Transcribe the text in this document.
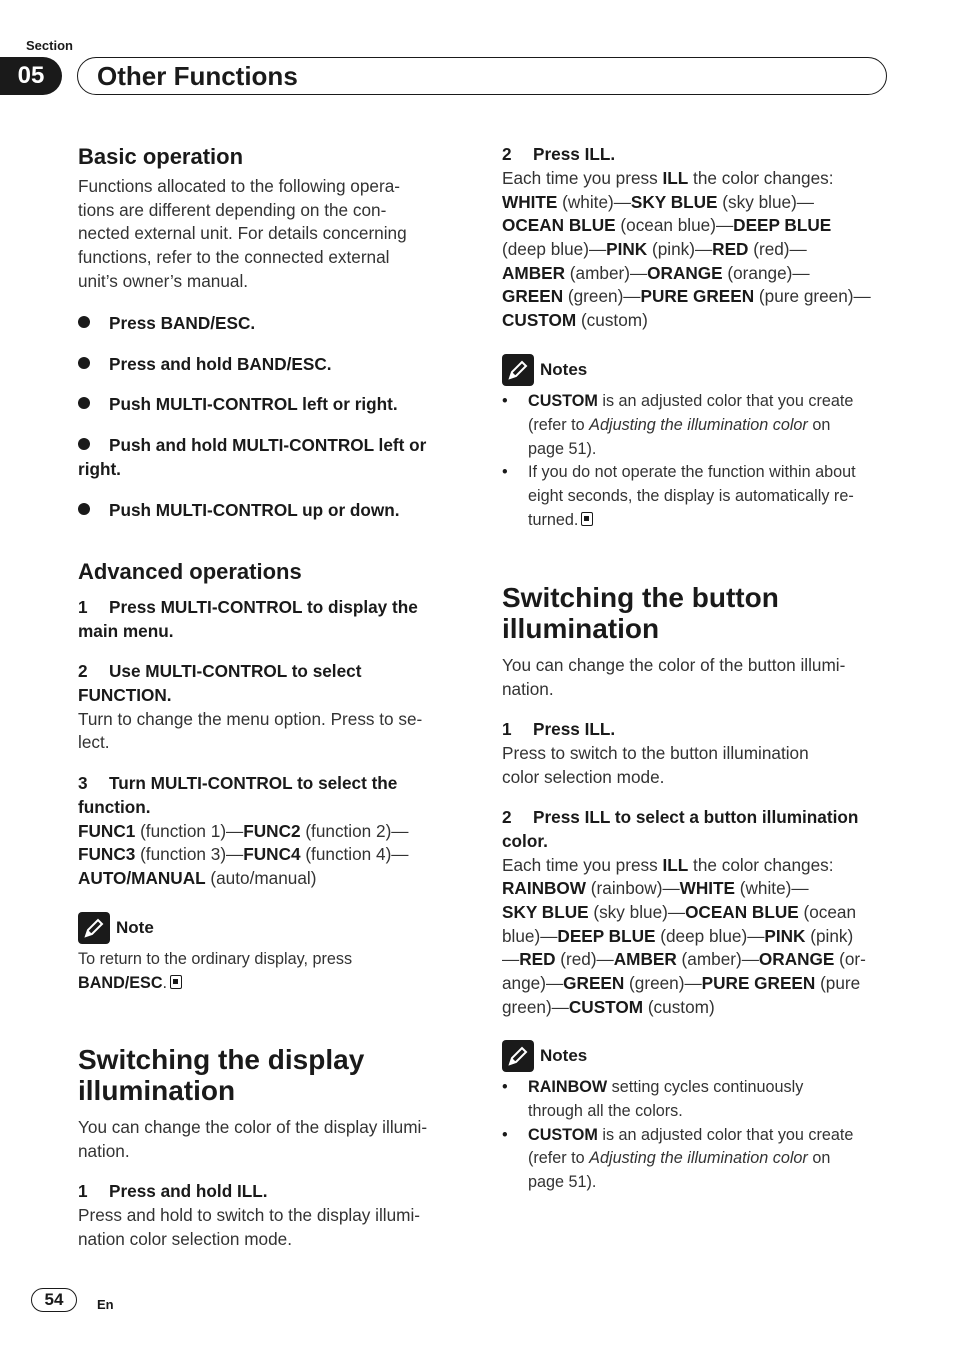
Section
05	Other Functions
Basic operation

Functions allocated to the following opera-

tions are different depending on the con-

nected external unit. For details concerning

functions, refer to the connected external

unit’s owner’s manual.

Press BAND/ESC.
Press and hold BAND/ESC.
Push MULTI-CONTROL left or right.
Push and hold MULTI-CONTROL left or
right.
Push MULTI-CONTROL up or down.
Advanced operations

1 Press MULTI-CONTROL to display the

main menu.

2 Use MULTI-CONTROL to select

FUNCTION.

Turn to change the menu option. Press to se-

lect.

3 Turn MULTI-CONTROL to select the

function.

FUNC1 (function 1)—FUNC2 (function 2)—

FUNC3 (function 3)—FUNC4 (function 4)—

AUTO/MANUAL (auto/manual)

Note

To return to the ordinary display, press

BAND/ESC.

Switching the display
illumination

You can change the color of the display illumi-

nation.

1 Press and hold ILL.

Press and hold to switch to the display illumi-

nation color selection mode.

2 Press ILL.

Each time you press ILL the color changes:

WHITE (white)—SKY BLUE (sky blue)—

OCEAN BLUE (ocean blue)—DEEP BLUE

(deep blue)—PINK (pink)—RED (red)—

AMBER (amber)—ORANGE (orange)—

GREEN (green)—PURE GREEN (pure green)—

CUSTOM (custom)

Notes
• CUSTOM is an adjusted color that you create
(refer to Adjusting the illumination color on
page 51).
• If you do not operate the function within about
eight seconds, the display is automatically re-
turned.
Switching the button
illumination

You can change the color of the button illumi-

nation.

1 Press ILL.

Press to switch to the button illumination

color selection mode.

2 Press ILL to select a button illumination

color.

Each time you press ILL the color changes:

RAINBOW (rainbow)—WHITE (white)—

SKY BLUE (sky blue)—OCEAN BLUE (ocean

blue)—DEEP BLUE (deep blue)—PINK (pink)

—RED (red)—AMBER (amber)—ORANGE (or-

ange)—GREEN (green)—PURE GREEN (pure

green)—CUSTOM (custom)

Notes
• RAINBOW setting cycles continuously
through all the colors.
• CUSTOM is an adjusted color that you create
(refer to Adjusting the illumination color on
page 51).
54	En
